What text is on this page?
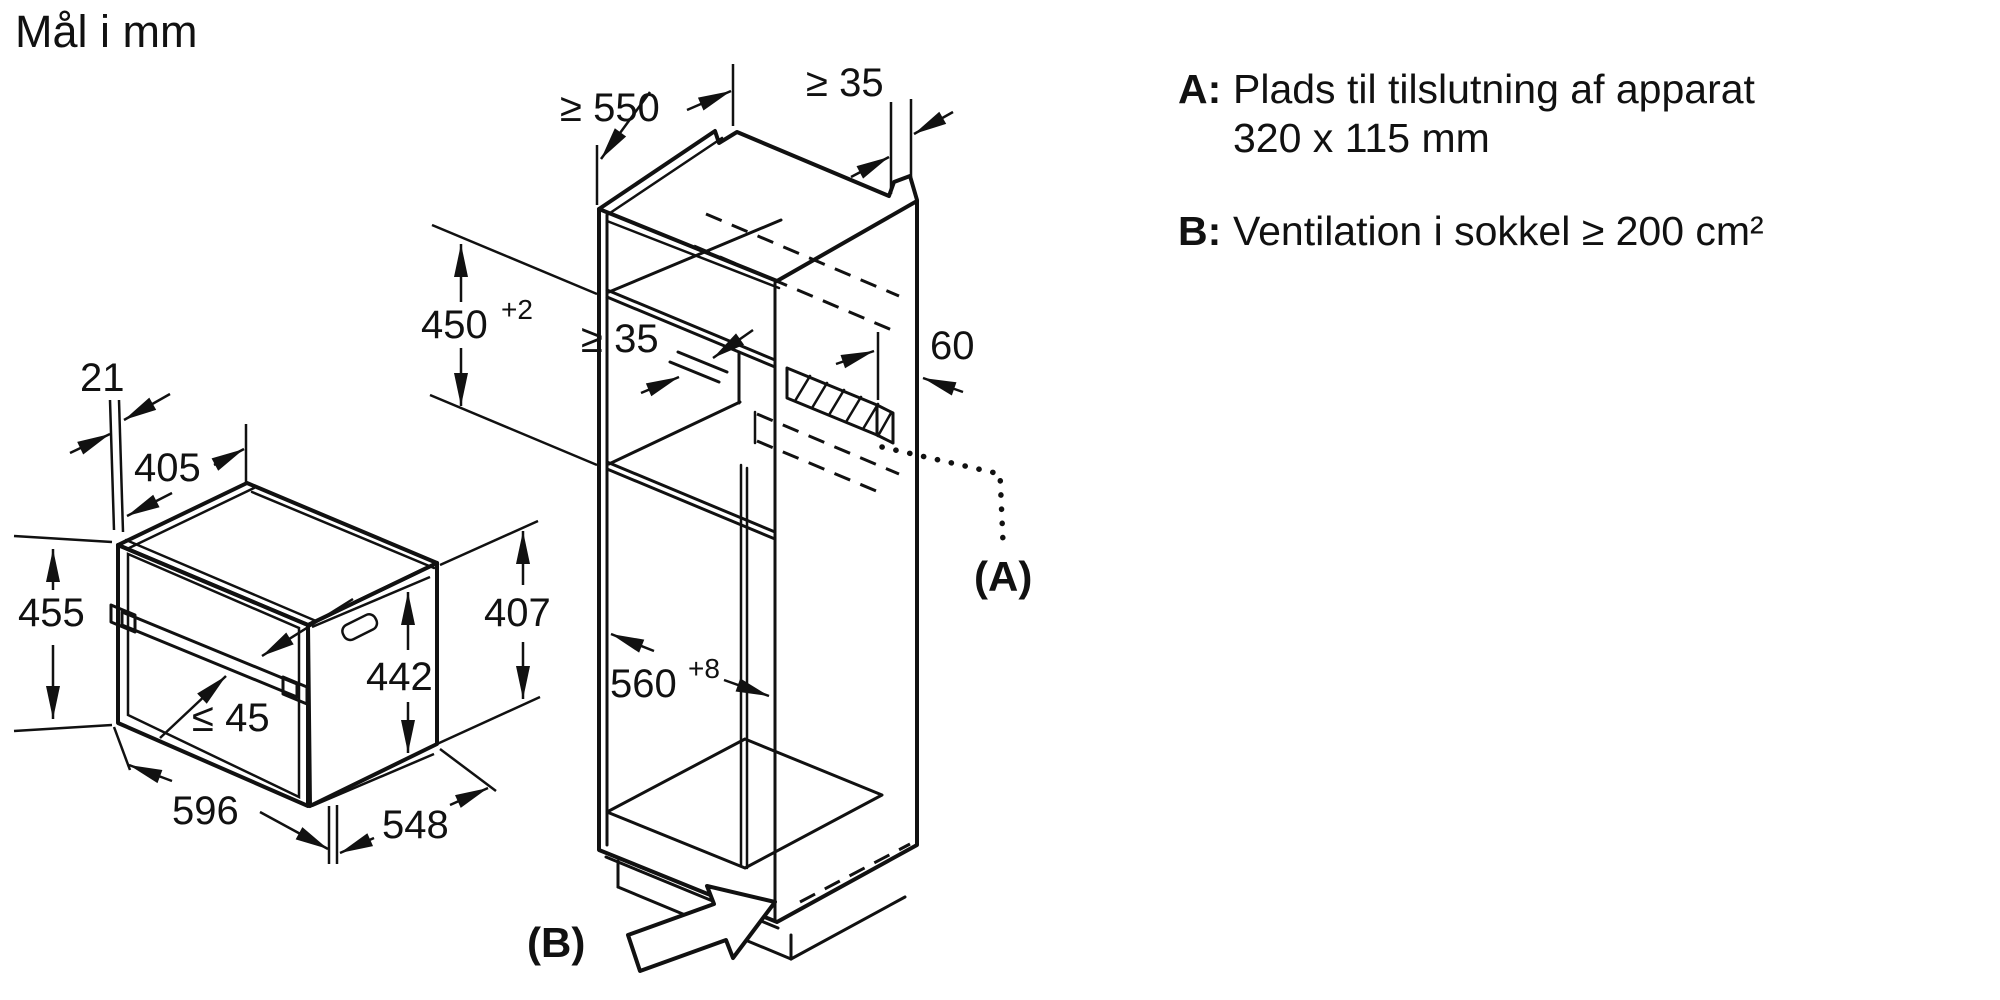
Mål i mm
A: Plads til tilslutning af apparat
320 x 115 mm
B: Ventilation i sokkel ≥ 200 cm²
455
21
405
442
407
≤ 45
596	548
(A)
(B)
≥ 550
≥ 35
450 +2
≥ 35	60
560 +8
